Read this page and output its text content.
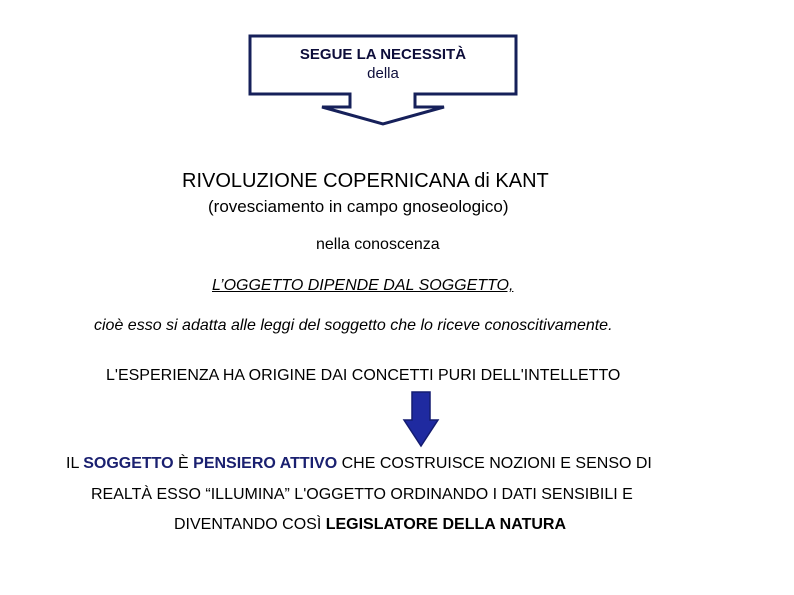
SEGUE LA NECESSITÀ
della
RIVOLUZIONE COPERNICANA di KANT
(rovesciamento in campo gnoseologico)
nella conoscenza
L’OGGETTO DIPENDE DAL SOGGETTO,
cioè esso si adatta alle leggi del soggetto che lo riceve conoscitivamente.
L'ESPERIENZA HA ORIGINE DAI CONCETTI PURI DELL'INTELLETTO
IL SOGGETTO È PENSIERO ATTIVO CHE COSTRUISCE NOZIONI E SENSO DI
REALTÀ ESSO “ILLUMINA” L'OGGETTO ORDINANDO I DATI SENSIBILI E
DIVENTANDO COSÌ LEGISLATORE DELLA NATURA
